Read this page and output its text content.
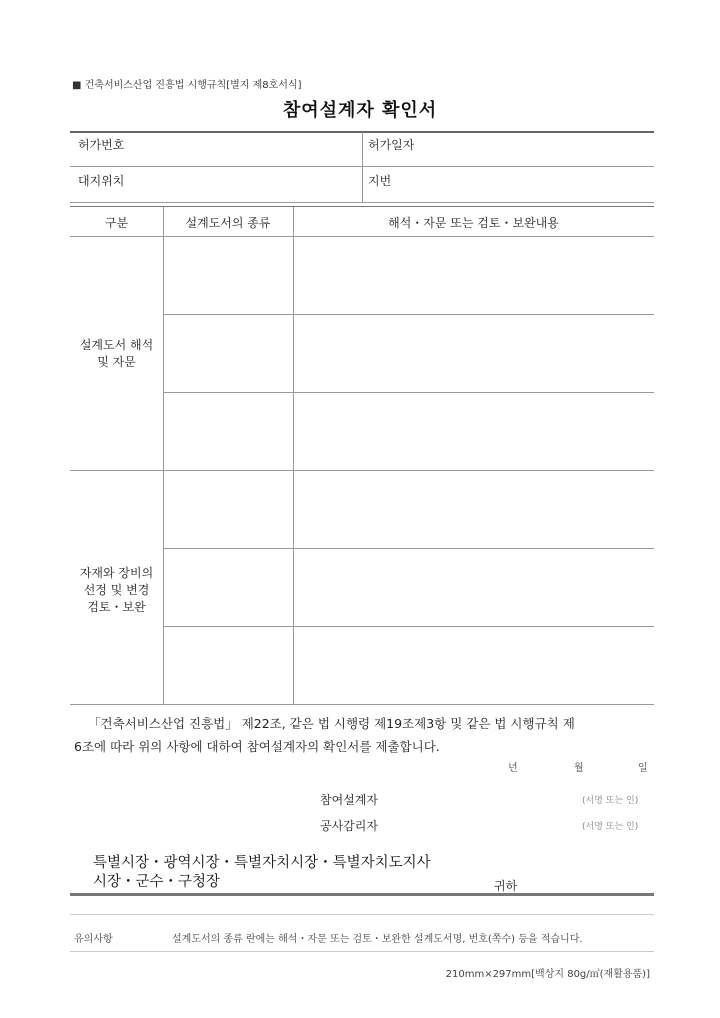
■ 건축서비스산업 진흥법 시행규칙[별지 제8호서식]
참여설계자 확인서
허가번호	허가일자
대지위치	지번
구분	설계도서의 종류	해석・자문 또는 검토・보완내용
설계도서 해석
및 자문
자재와 장비의
선정 및 변경
검토・보완
「건축서비스산업 진흥법」 제22조, 같은 법 시행령 제19조제3항 및 같은 법 시행규칙 제
6조에 따라 위의 사항에 대하여 참여설계자의 확인서를 제출합니다.
년	월	일
참여설계자	(서명 또는 인)
공사감리자	(서명 또는 인)
특별시장・광역시장・특별자치시장・특별자치도지사
시장・군수・구청장	귀하
유의사항	설계도서의 종류 란에는 해석・자문 또는 검토・보완한 설계도서명, 번호(쪽수) 등을 적습니다.
210mm×297mm[백상지 80g/㎡(재활용품)]
